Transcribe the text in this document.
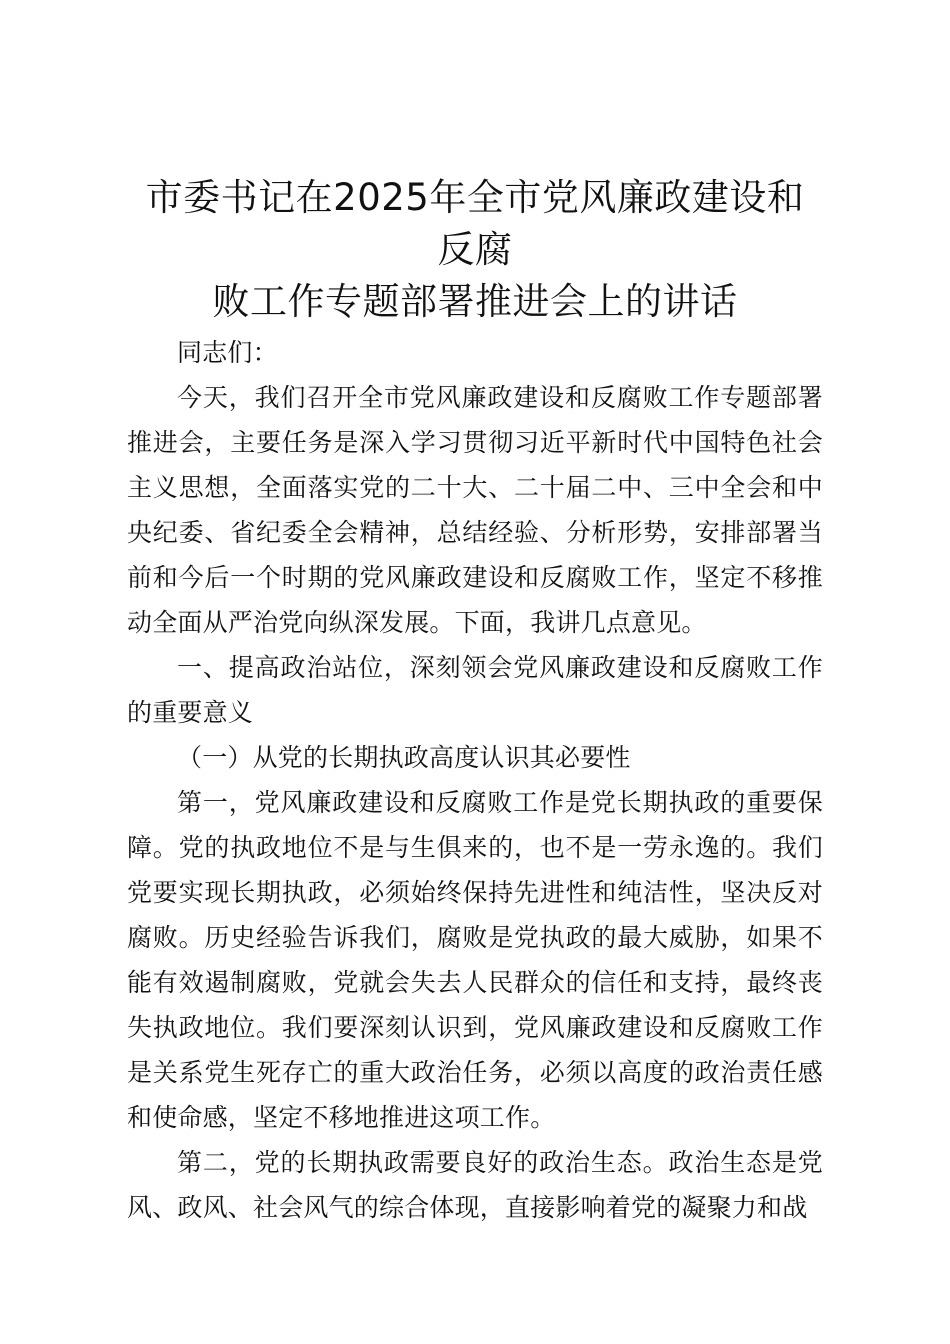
市委书记在2025年全市党风廉政建设和反腐
败工作专题部署推进会上的讲话

同志们：

今天，我们召开全市党风廉政建设和反腐败工作专题部署推进会，主要任务是深入学习贯彻习近平新时代中国特色社会主义思想，全面落实党的二十大、二十届二中、三中全会和中央纪委、省纪委全会精神，总结经验、分析形势，安排部署当前和今后一个时期的党风廉政建设和反腐败工作，坚定不移推动全面从严治党向纵深发展。下面，我讲几点意见。

一、提高政治站位，深刻领会党风廉政建设和反腐败工作的重要意义

（一）从党的长期执政高度认识其必要性

第一，党风廉政建设和反腐败工作是党长期执政的重要保障。党的执政地位不是与生俱来的，也不是一劳永逸的。我们党要实现长期执政，必须始终保持先进性和纯洁性，坚决反对腐败。历史经验告诉我们，腐败是党执政的最大威胁，如果不能有效遏制腐败，党就会失去人民群众的信任和支持，最终丧失执政地位。我们要深刻认识到，党风廉政建设和反腐败工作是关系党生死存亡的重大政治任务，必须以高度的政治责任感和使命感，坚定不移地推进这项工作。

第二，党的长期执政需要良好的政治生态。政治生态是党风、政风、社会风气的综合体现，直接影响着党的凝聚力和战
